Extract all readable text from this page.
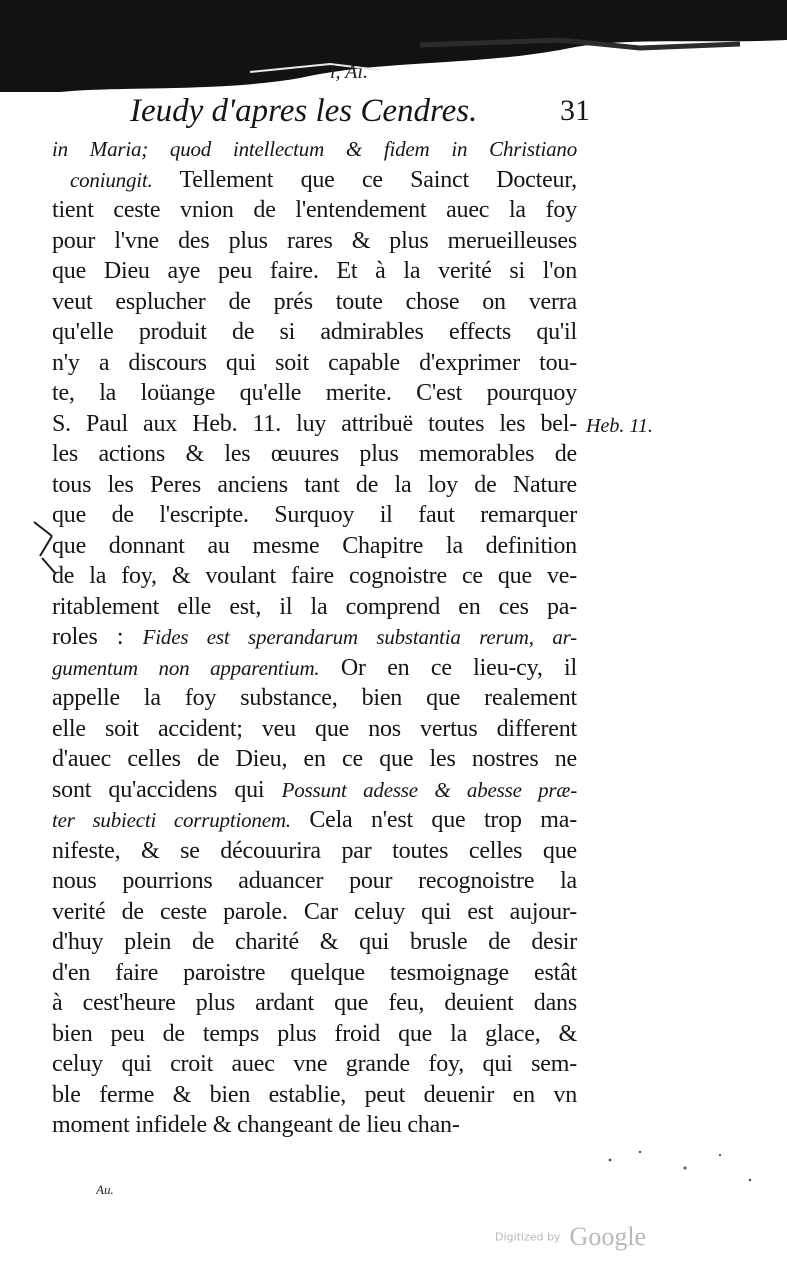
i, Ai.
Ieudy d'apres les Cendres.	31
in Maria; quod intellectum & fidem in Christiano
coniungit. Tellement que ce Sainct Docteur,
tient ceste vnion de l'entendement auec la foy
pour l'vne des plus rares & plus merueilleuses
que Dieu aye peu faire. Et à la verité si l'on
veut esplucher de prés toute chose on verra
qu'elle produit de si admirables effects qu'il
n'y a discours qui soit capable d'exprimer tou-
te, la loüange qu'elle merite. C'est pourquoy
S. Paul aux Heb. 11. luy attribuë toutes les bel-
les actions & les œuures plus memorables de
tous les Peres anciens tant de la loy de Nature
que de l'escripte. Surquoy il faut remarquer
que donnant au mesme Chapitre la definition
de la foy, & voulant faire cognoistre ce que ve-
ritablement elle est, il la comprend en ces pa-
roles : Fides est sperandarum substantia rerum, ar-
gumentum non apparentium. Or en ce lieu-cy, il
appelle la foy substance, bien que realement
elle soit accident; veu que nos vertus different
d'auec celles de Dieu, en ce que les nostres ne
sont qu'accidens qui Possunt adesse & abesse præ-
ter subiecti corruptionem. Cela n'est que trop ma-
nifeste, & se découurira par toutes celles que
nous pourrions aduancer pour recognoistre la
verité de ceste parole. Car celuy qui est aujour-
d'huy plein de charité & qui brusle de desir
d'en faire paroistre quelque tesmoignage estât
à cest'heure plus ardant que feu, deuient dans
bien peu de temps plus froid que la glace, &
celuy qui croit auec vne grande foy, qui sem-
ble ferme & bien establie, peut deuenir en vn
moment infidele & changeant de lieu chan-
Heb. 11.
Au.
Digitized by Google
